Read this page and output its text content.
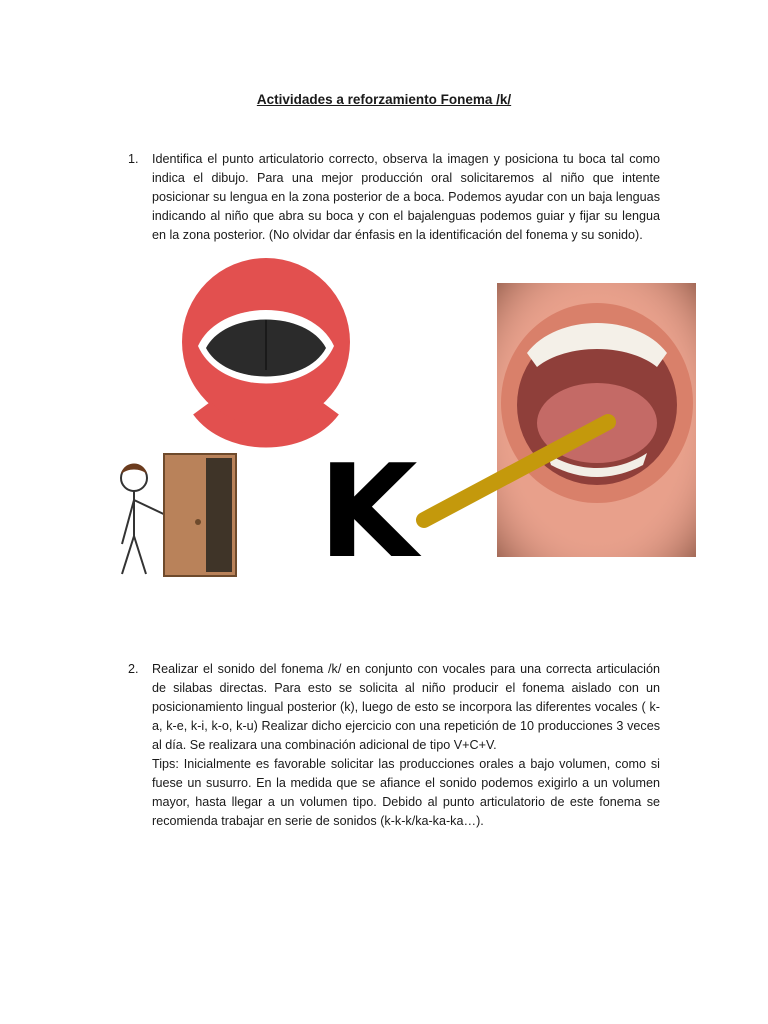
Actividades a reforzamiento Fonema /k/
1. Identifica el punto articulatorio correcto, observa la imagen y posiciona tu boca tal como indica el dibujo. Para una mejor producción oral solicitaremos al niño que intente posicionar su lengua en la zona posterior de a boca. Podemos ayudar con un baja lenguas indicando al niño que abra su boca y con el bajalenguas podemos guiar y fijar su lengua en la zona posterior. (No olvidar dar énfasis en la identificación del fonema y su sonido).

K
2. Realizar el sonido del fonema /k/ en conjunto con vocales para una correcta articulación de silabas directas. Para esto se solicita al niño producir el fonema aislado con un posicionamiento lingual posterior (k), luego de esto se incorpora las diferentes vocales ( k-a, k-e, k-i, k-o, k-u) Realizar dicho ejercicio con una repetición de 10 producciones 3 veces al día. Se realizara una combinación adicional de tipo V+C+V.

Tips: Inicialmente es favorable solicitar las producciones orales a bajo volumen, como si fuese un susurro. En la medida que se afiance el sonido podemos exigirlo a un volumen mayor, hasta llegar a un volumen tipo. Debido al punto articulatorio de este fonema se recomienda trabajar en serie de sonidos (k-k-k/ka-ka-ka…).
